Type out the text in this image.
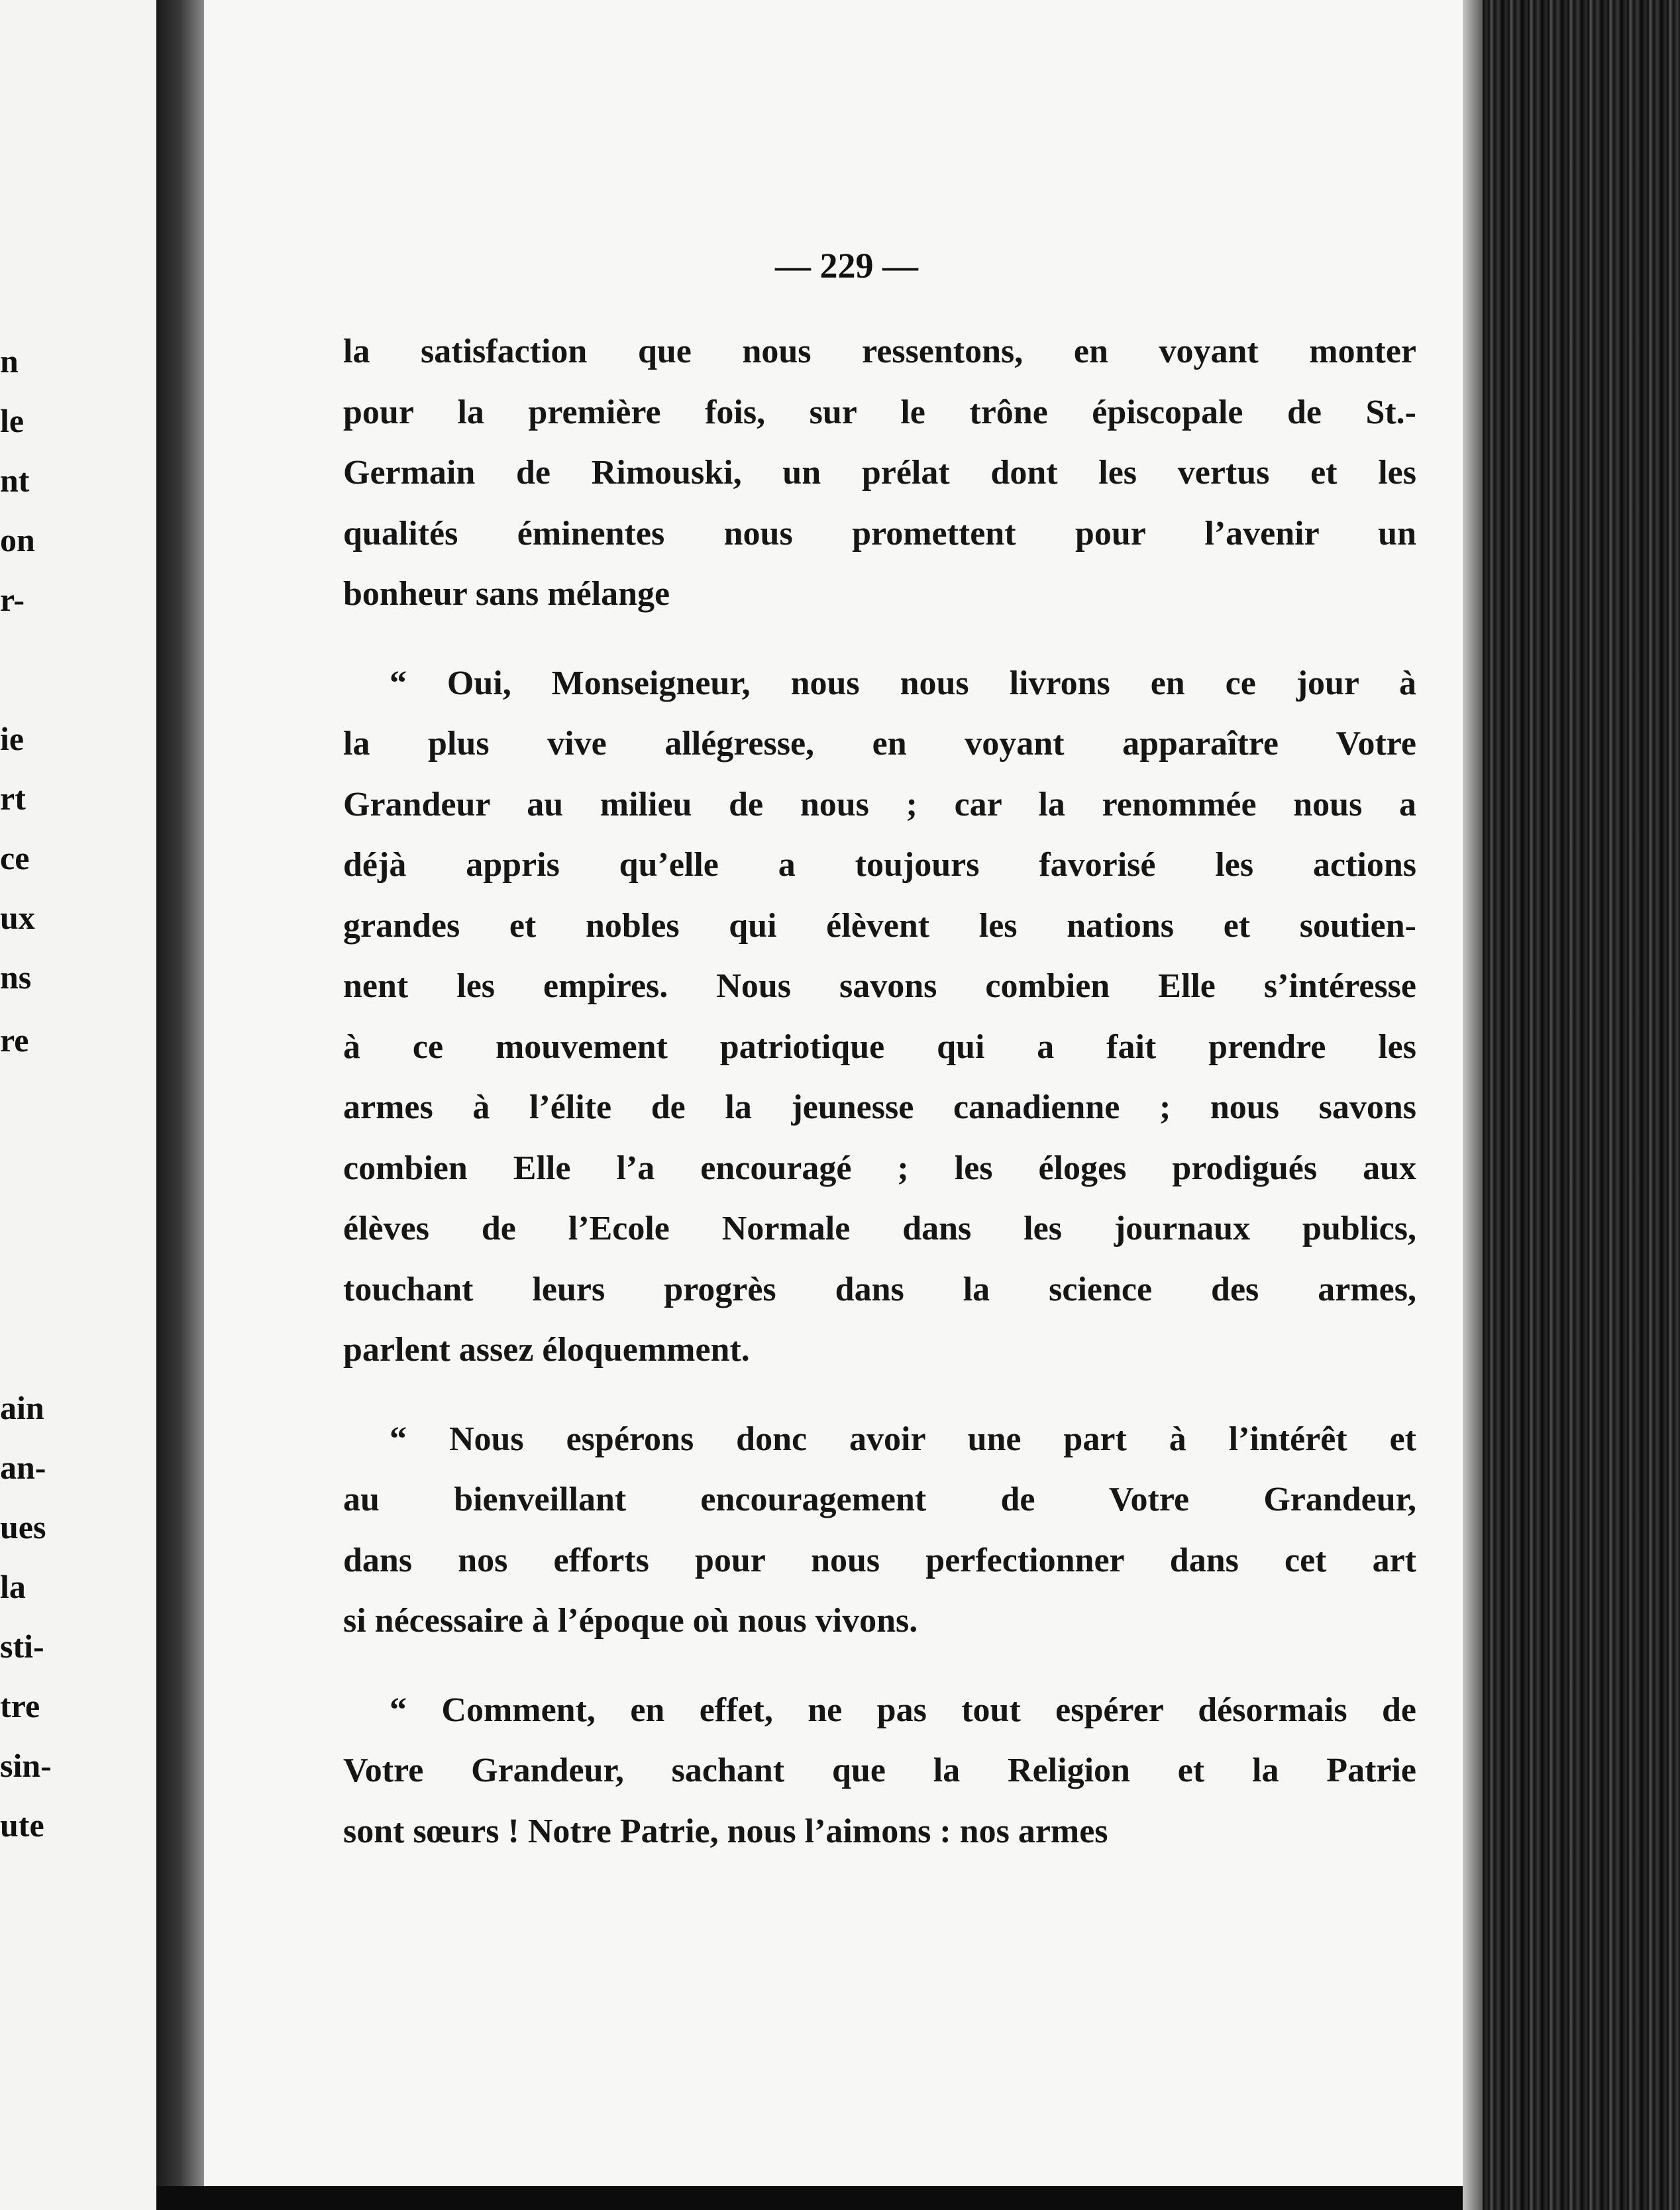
n
le
nt
on
r-
ie
rt
ce
ux
ns
re
ain
an-
ues
la
sti-
tre
sin-
ute
— 229 —
la satisfaction que nous ressentons, en voyant monter
pour la première fois, sur le trône épiscopale de St.-
Germain de Rimouski, un prélat dont les vertus et les
qualités éminentes nous promettent pour l’avenir un
bonheur sans mélange
“ Oui, Monseigneur, nous nous livrons en ce jour à
la plus vive allégresse, en voyant apparaître Votre
Grandeur au milieu de nous ; car la renommée nous a
déjà appris qu’elle a toujours favorisé les actions
grandes et nobles qui élèvent les nations et soutien-
nent les empires. Nous savons combien Elle s’intéresse
à ce mouvement patriotique qui a fait prendre les
armes à l’élite de la jeunesse canadienne ; nous savons
combien Elle l’a encouragé ; les éloges prodigués aux
élèves de l’Ecole Normale dans les journaux publics,
touchant leurs progrès dans la science des armes,
parlent assez éloquemment.
“ Nous espérons donc avoir une part à l’intérêt et
au bienveillant encouragement de Votre Grandeur,
dans nos efforts pour nous perfectionner dans cet art
si nécessaire à l’époque où nous vivons.
“ Comment, en effet, ne pas tout espérer désormais de
Votre Grandeur, sachant que la Religion et la Patrie
sont sœurs ! Notre Patrie, nous l’aimons : nos armes
